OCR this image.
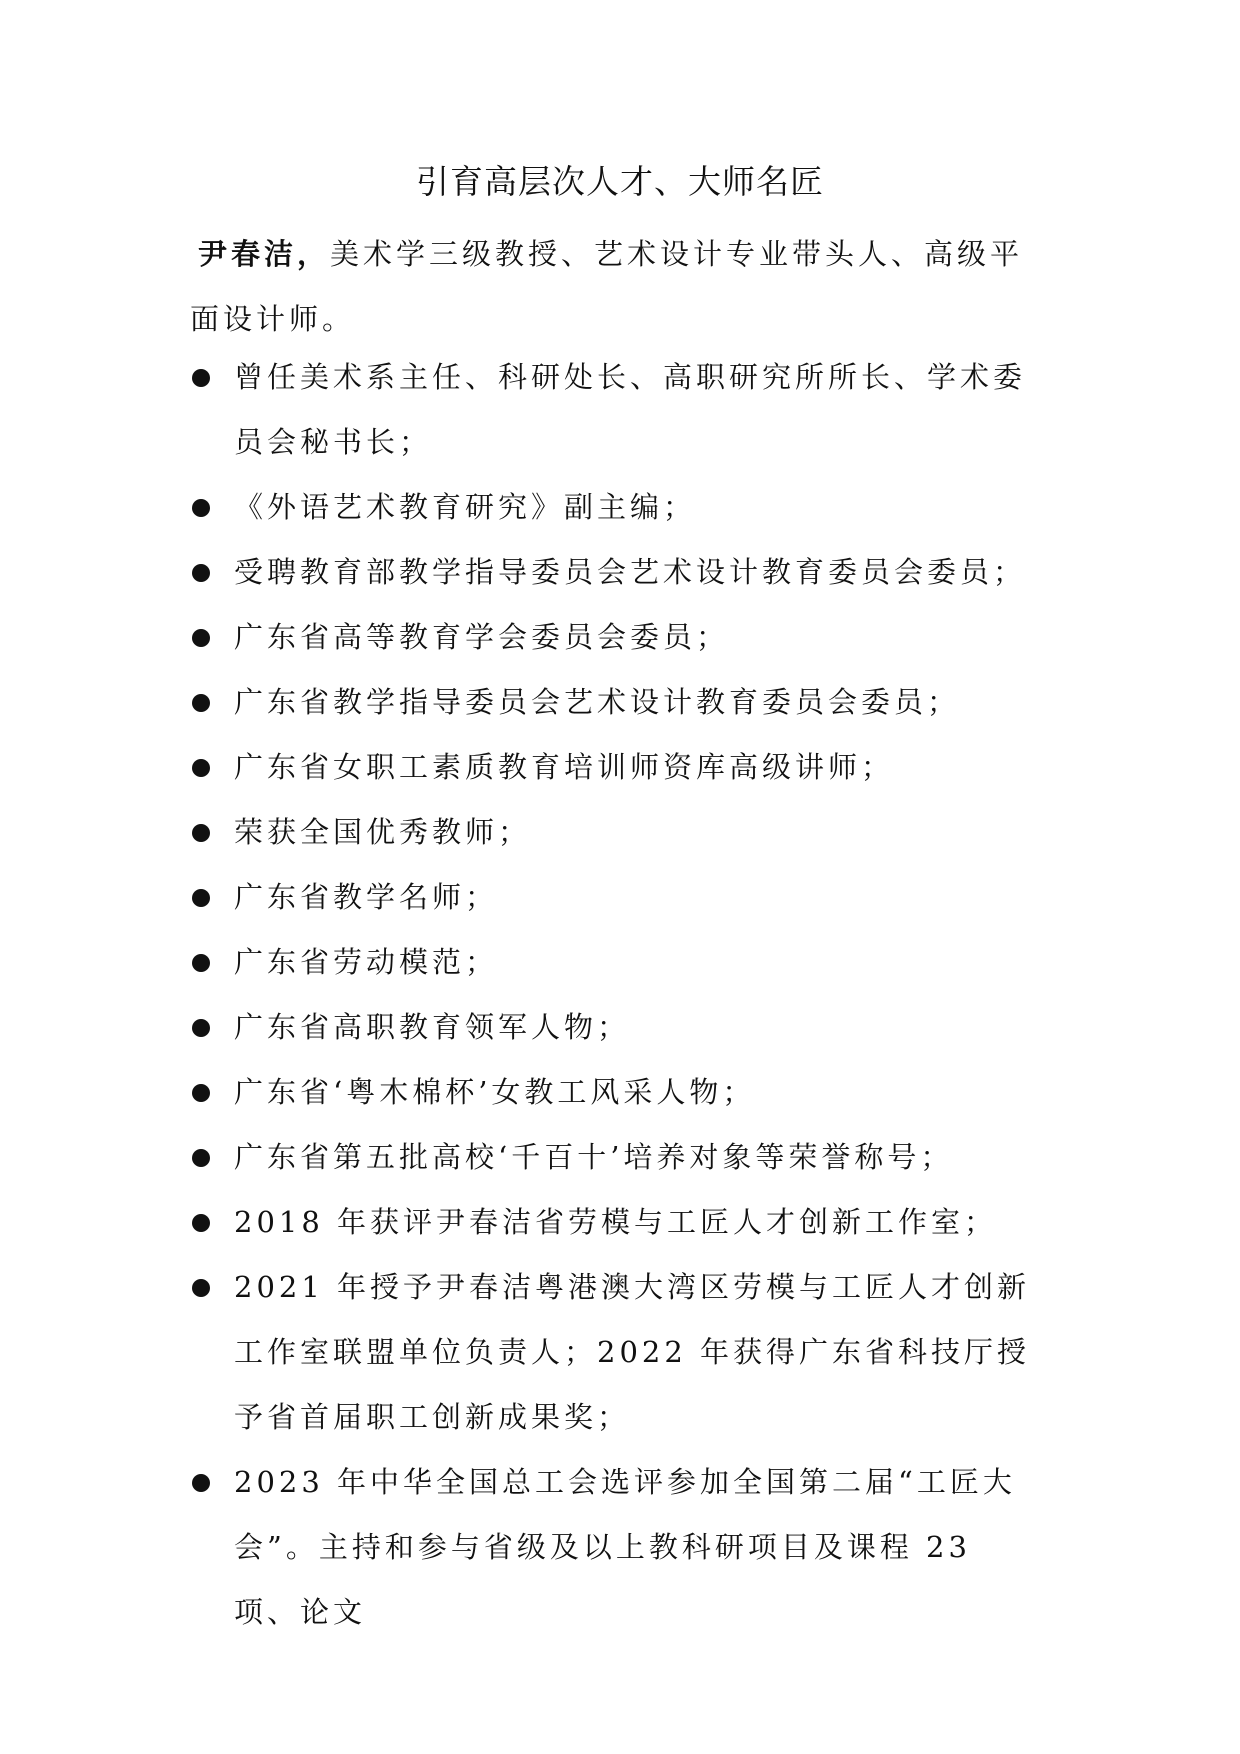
引育高层次人才、大师名匠

尹春洁，美术学三级教授、艺术设计专业带头人、高级平面设计师。

曾任美术系主任、科研处长、高职研究所所长、学术委员会秘书长；
《外语艺术教育研究》副主编；
受聘教育部教学指导委员会艺术设计教育委员会委员；
广东省高等教育学会委员会委员；
广东省教学指导委员会艺术设计教育委员会委员；
广东省女职工素质教育培训师资库高级讲师；
荣获全国优秀教师；
广东省教学名师；
广东省劳动模范；
广东省高职教育领军人物；
广东省‘粤木棉杯’女教工风采人物；
广东省第五批高校‘千百十’培养对象等荣誉称号；
2018 年获评尹春洁省劳模与工匠人才创新工作室；
2021 年授予尹春洁粤港澳大湾区劳模与工匠人才创新工作室联盟单位负责人；2022 年获得广东省科技厅授予省首届职工创新成果奖；
2023 年中华全国总工会选评参加全国第二届“工匠大会”。主持和参与省级及以上教科研项目及课程 23 项、论文
